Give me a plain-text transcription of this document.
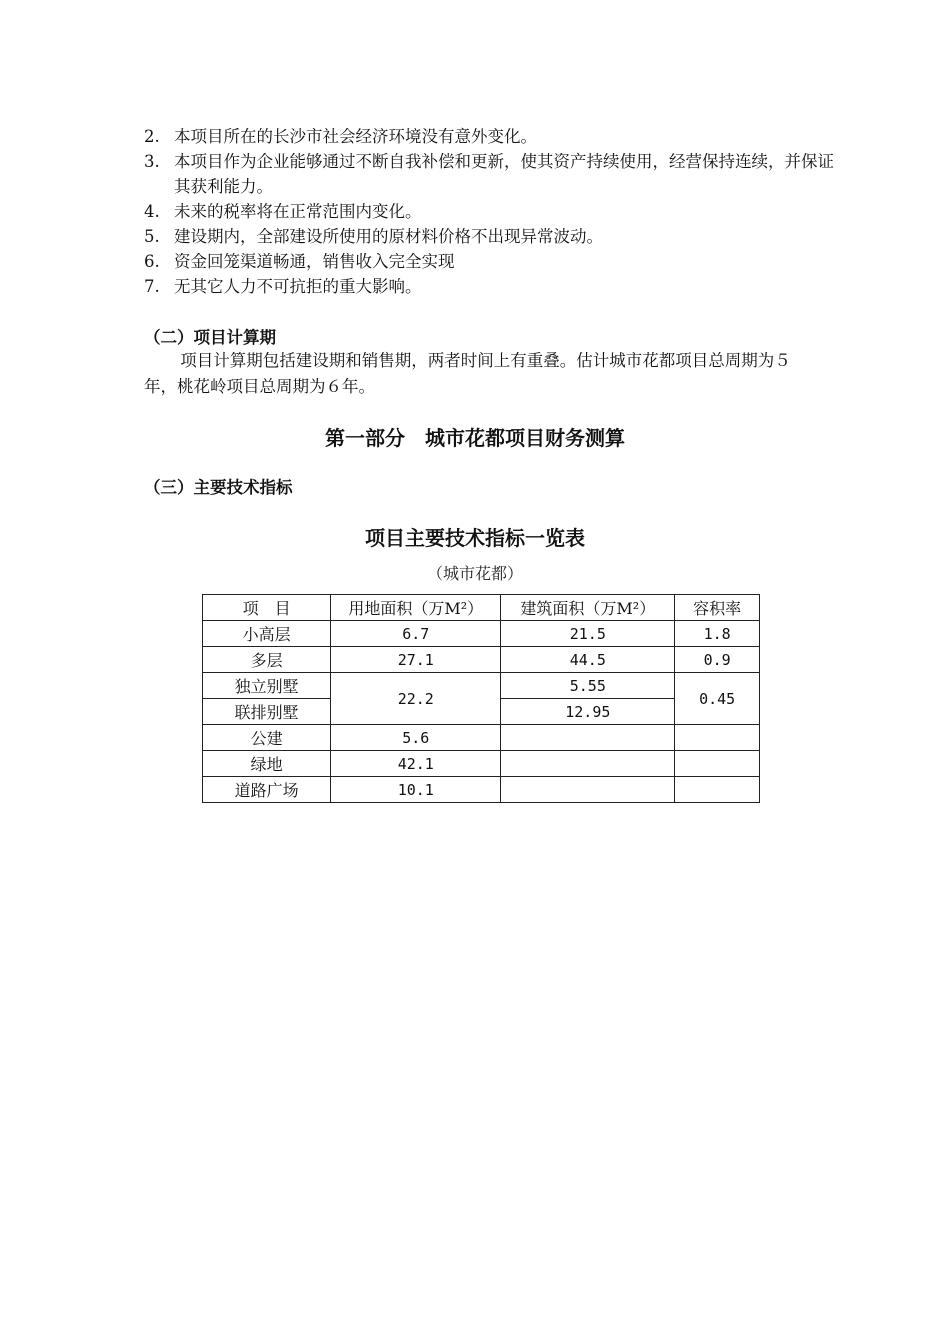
2. 本项目所在的长沙市社会经济环境没有意外变化。
3. 本项目作为企业能够通过不断自我补偿和更新，使其资产持续使用，经营保持连续，并保证其获利能力。
4. 未来的税率将在正常范围内变化。
5. 建设期内，全部建设所使用的原材料价格不出现异常波动。
6. 资金回笼渠道畅通，销售收入完全实现
7. 无其它人力不可抗拒的重大影响。
（二）项目计算期
项目计算期包括建设期和销售期，两者时间上有重叠。估计城市花都项目总周期为５年，桃花岭项目总周期为６年。
第一部分　城市花都项目财务测算
（三）主要技术指标
项目主要技术指标一览表
（城市花都）
项　目	用地面积（万M²）	建筑面积（万M²）	容积率
小高层	6.7	21.5	1.8
多层	27.1	44.5	0.9
独立别墅	22.2	5.55	0.45
联排别墅		12.95	
公建	5.6		
绿地	42.1		
道路广场	10.1		
